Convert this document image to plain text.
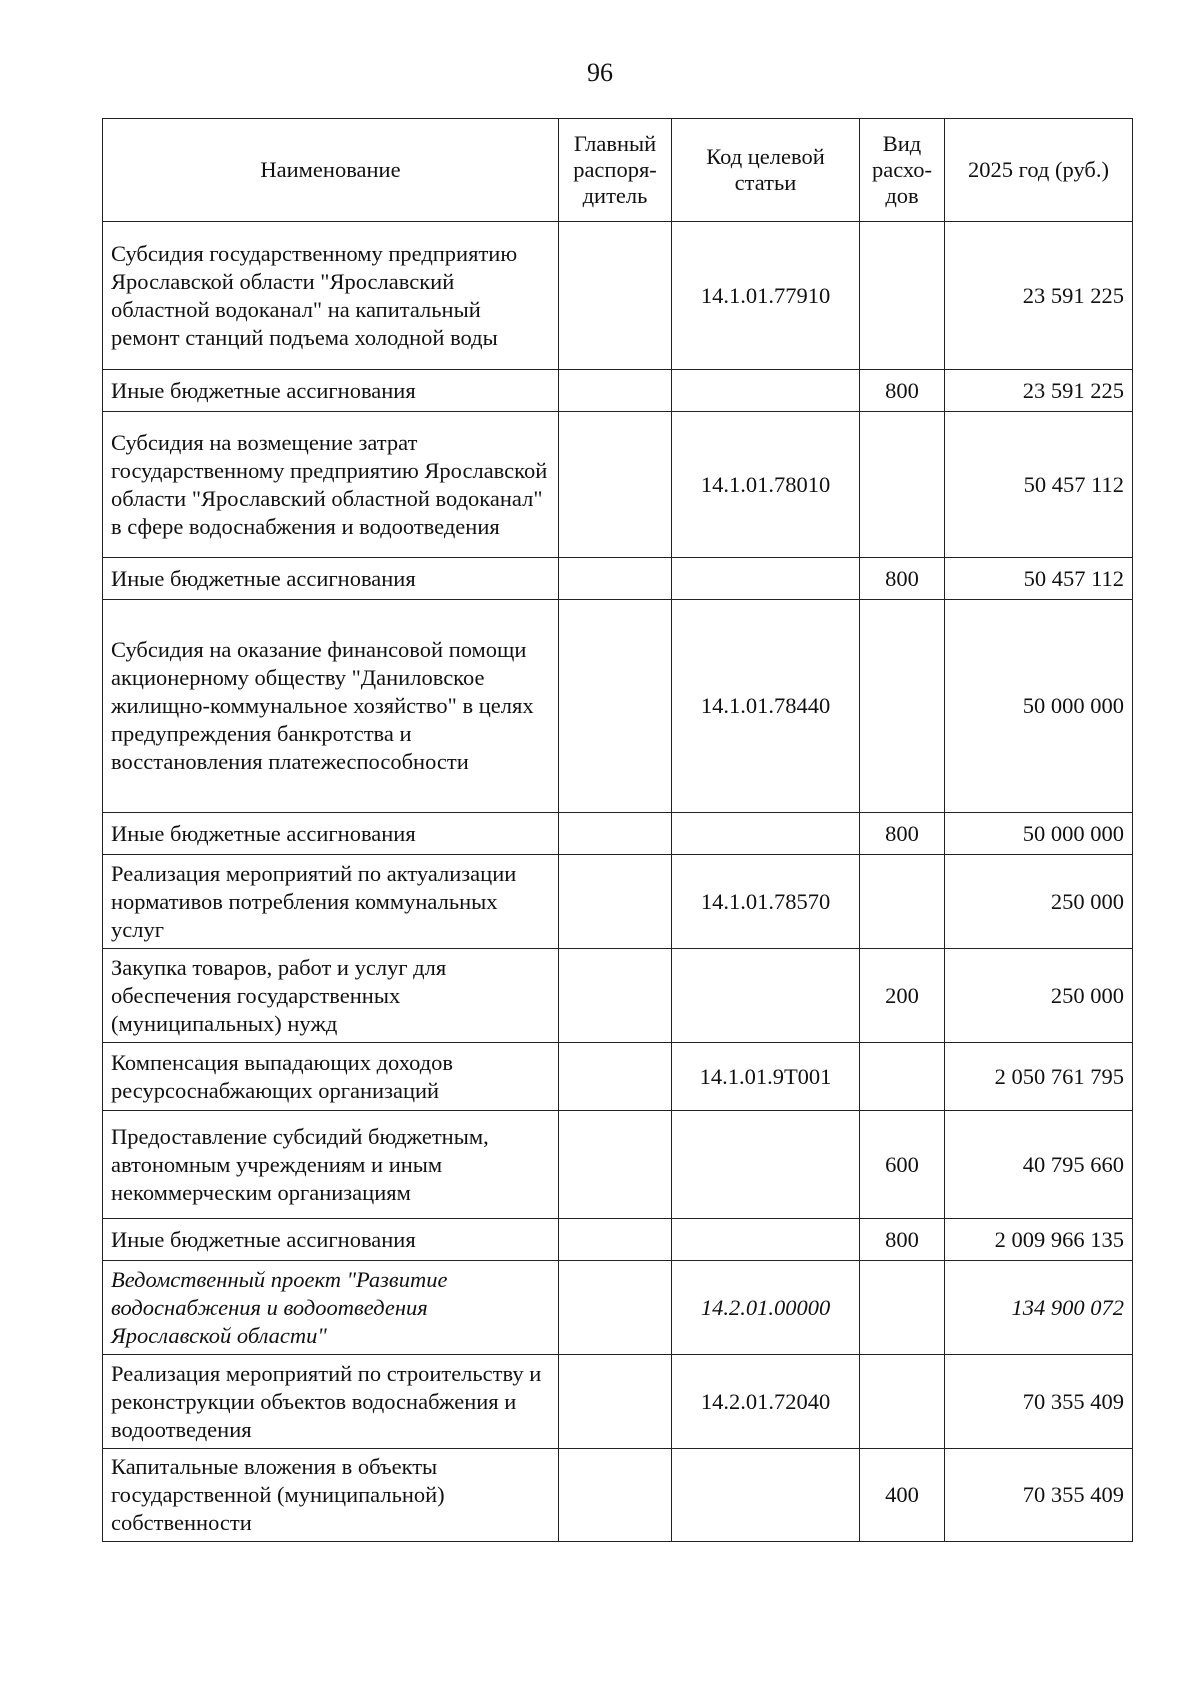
96
Наименование	Главный распоря-дитель	Код целевой статьи	Вид расхо-дов	2025 год (руб.)
Субсидия государственному предприятию Ярославской области "Ярославский областной водоканал" на капитальный ремонт станций подъема холодной воды		14.1.01.77910		23 591 225
Иные бюджетные ассигнования			800	23 591 225
Субсидия на возмещение затрат государственному предприятию Ярославской области "Ярославский областной водоканал" в сфере водоснабжения и водоотведения		14.1.01.78010		50 457 112
Иные бюджетные ассигнования			800	50 457 112
Субсидия на оказание финансовой помощи акционерному обществу "Даниловское жилищно-коммунальное хозяйство" в целях предупреждения банкротства и восстановления платежеспособности		14.1.01.78440		50 000 000
Иные бюджетные ассигнования			800	50 000 000
Реализация мероприятий по актуализации нормативов потребления коммунальных услуг		14.1.01.78570		250 000
Закупка товаров, работ и услуг для обеспечения государственных (муниципальных) нужд			200	250 000
Компенсация выпадающих доходов ресурсоснабжающих организаций		14.1.01.9Т001		2 050 761 795
Предоставление субсидий бюджетным, автономным учреждениям и иным некоммерческим организациям			600	40 795 660
Иные бюджетные ассигнования			800	2 009 966 135
Ведомственный проект "Развитие водоснабжения и водоотведения Ярославской области"		14.2.01.00000		134 900 072
Реализация мероприятий по строительству и реконструкции объектов водоснабжения и водоотведения		14.2.01.72040		70 355 409
Капитальные вложения в объекты государственной (муниципальной) собственности			400	70 355 409
